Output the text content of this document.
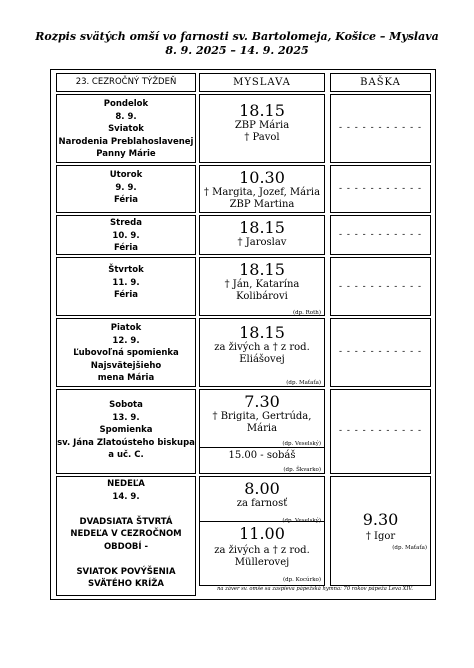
Rozpis svätých omší vo farnosti sv. Bartolomeja, Košice – Myslava
8. 9. 2025 – 14. 9. 2025
23. CEZROČNÝ TÝŽDEŇ	MYSLAVA	BAŠKA
Pondelok
8. 9.
Sviatok
Narodenia Preblahoslavenej
Panny Márie
18.15
ZBP Mária
† Pavol
- - - - - - - - - - -
Utorok
9. 9.
Féria
10.30
† Margita, Jozef, Mária
ZBP Martina
- - - - - - - - - - -
Streda
10. 9.
Féria
18.15
† Jaroslav
- - - - - - - - - - -
Štvrtok
11. 9.
Féria
18.15
† Ján, Katarína
Kolibárovi
(dp. Roth)
- - - - - - - - - - -
Piatok
12. 9.
Ľubovoľná spomienka
Najsvätejšieho
mena Mária
18.15
za živých a † z rod.
Eliášovej
(dp. Maťaťa)
- - - - - - - - - - -
Sobota
13. 9.
Spomienka
sv. Jána Zlatoústeho biskupa
a uč. C.
7.30
† Brigita, Gertrúda,
Mária
(dp. Veselský)
15.00 - sobáš
(dp. Škvarko)
- - - - - - - - - - -
NEDEĽA
14. 9.
DVADSIATA ŠTVRTÁ
NEDEĽA V CEZROČNOM
OBDOBÍ -
SVIATOK POVÝŠENIA
SVÄTÉHO KRÍŽA
8.00
za farnosť
(dp. Veselský)
11.00
za živých a † z rod.
Müllerovej
(dp. Kocúrko)
9.30
† Igor
(dp. Maťaťa)
na záver sv. omše sa zaspieva pápežská hymna: 70 rokov pápeža Leva XIV.
